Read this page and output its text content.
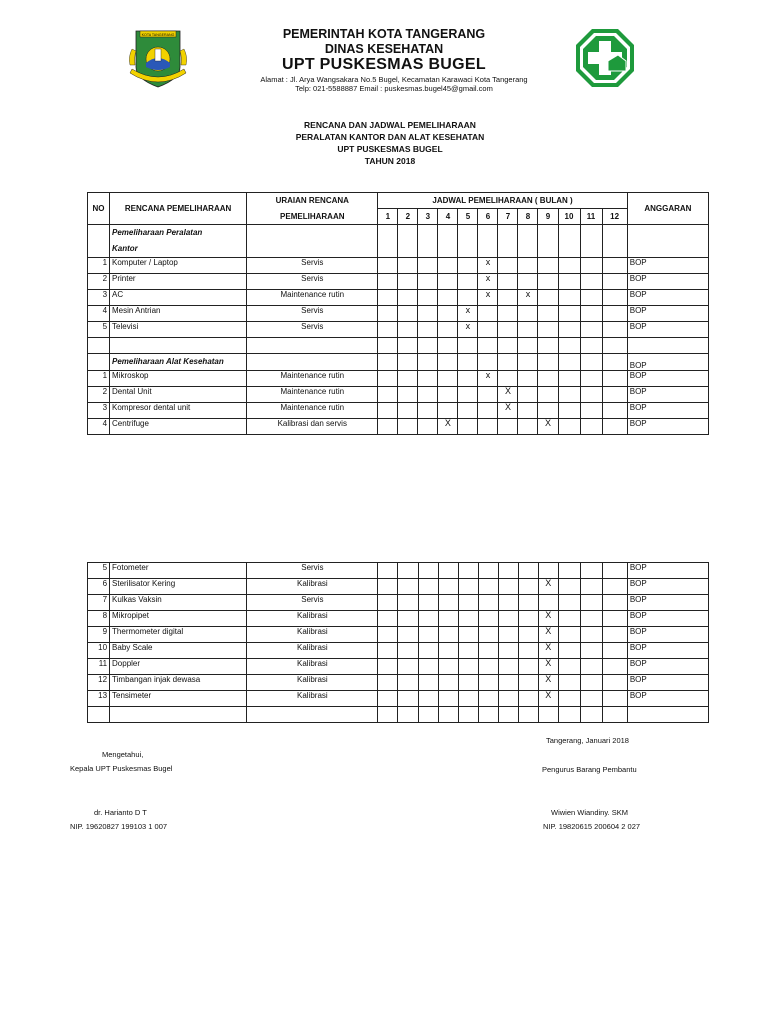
KOTA TANGERANG	PEMERINTAH KOTA TANGERANG
DINAS KESEHATAN
UPT PUSKESMAS BUGEL
Alamat : Jl. Arya Wangsakara No.5 Bugel, Kecamatan Karawaci Kota Tangerang
Telp: 021-5588887 Email : puskesmas.bugel45@gmail.com
RENCANA DAN JADWAL PEMELIHARAAN
PERALATAN KANTOR DAN ALAT KESEHATAN
UPT PUSKESMAS BUGEL
TAHUN 2018
NO	RENCANA PEMELIHARAAN	URAIAN RENCANA	JADWAL PEMELIHARAAN ( BULAN )												ANGGARAN
		PEMELIHARAAN	1	2	3	4	5	6	7	8	9	10	11	12	

	Pemeliharaan Peralatan
Kantor														

1	Komputer / Laptop	Servis						x							BOP
2	Printer	Servis						x							BOP
3	AC	Maintenance rutin						x		x					BOP
4	Mesin Antrian	Servis					x								BOP
5	Televisi	Servis					x								BOP

	Pemeliharaan Alat Kesehatan														BOP
1	Mikroskop	Maintenance rutin						x							BOP
2	Dental Unit	Maintenance rutin							X						BOP
3	Kompresor dental unit	Maintenance rutin							X						BOP
4	Centrifuge	Kalibrasi dan servis				X					X				BOP
5	Fotometer	Servis													BOP
6	Sterilisator Kering	Kalibrasi									X				BOP
7	Kulkas Vaksin	Servis													BOP
8	Mikropipet	Kalibrasi									X				BOP
9	Thermometer digital	Kalibrasi									X				BOP
10	Baby Scale	Kalibrasi									X				BOP
11	Doppler	Kalibrasi									X				BOP
12	Timbangan injak dewasa	Kalibrasi									X				BOP
13	Tensimeter	Kalibrasi									X				BOP

Tangerang, Januari 2018
Mengetahui,
Kepala UPT Puskesmas Bugel	Pengurus Barang Pembantu
dr. Harianto D T
NIP. 19620827 199103 1 007
Wiwien Wiandiny. SKM
NIP. 19820615 200604 2 027
